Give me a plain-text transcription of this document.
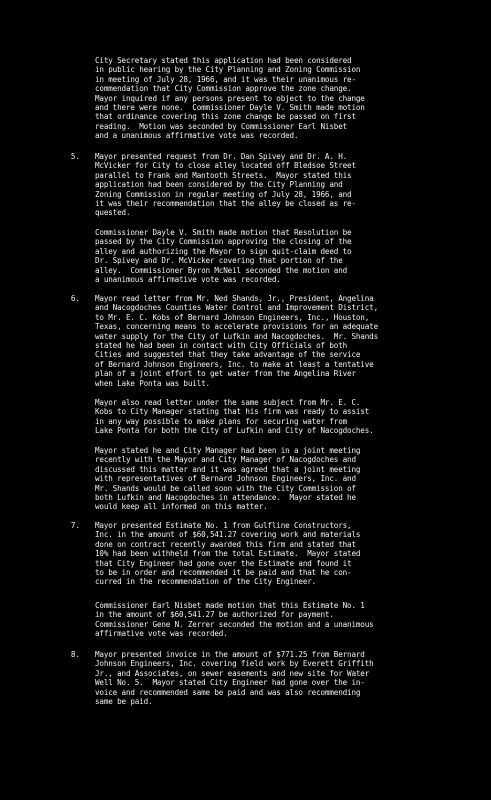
City Secretary stated this application had been considered
in public hearing by the City Planning and Zoning Commission
in meeting of July 28, 1966, and it was their unanimous re-
commendation that City Commission approve the zone change.
Mayor inquired if any persons present to object to the change
and there were none.  Commissioner Dayle V. Smith made motion
that ordinance covering this zone change be passed on first
reading.  Motion was seconded by Commissioner Earl Nisbet
and a unanimous affirmative vote was recorded.
5. Mayor presented request from Dr. Dan Spivey and Dr. A. H.
McVicker for City to close alley located off Bledsoe Street
parallel to Frank and Mantooth Streets.  Mayor stated this
application had been considered by the City Planning and
Zoning Commission in regular meeting of July 28, 1966, and
it was their recommendation that the alley be closed as re-
quested.
Commissioner Dayle V. Smith made motion that Resolution be
passed by the City Commission approving the closing of the
alley and authorizing the Mayor to sign quit-claim deed to
Dr. Spivey and Dr. McVicker covering that portion of the
alley.  Commissioner Byron McNeil seconded the motion and
a unanimous affirmative vote was recorded.
6. Mayor read letter from Mr. Ned Shands, Jr., President, Angelina
and Nacogdoches Counties Water Control and Improvement District,
to Mr. E. C. Kobs of Bernard Johnson Engineers, Inc., Houston,
Texas, concerning means to accelerate provisions for an adequate
water supply for the City of Lufkin and Nacogdoches.  Mr. Shands
stated he had been in contact with City Officials of both
Cities and suggested that they take advantage of the service
of Bernard Johnson Engineers, Inc. to make at least a tentative
plan of a joint effort to get water from the Angelina River
when Lake Ponta was built.
Mayor also read letter under the same subject from Mr. E. C.
Kobs to City Manager stating that his firm was ready to assist
in any way possible to make plans for securing water from
Lake Ponta for both the City of Lufkin and City of Nacogdoches.
Mayor stated he and City Manager had been in a joint meeting
recently with the Mayor and City Manager of Nacogdoches and
discussed this matter and it was agreed that a joint meeting
with representatives of Bernard Johnson Engineers, Inc. and
Mr. Shands would be called soon with the City Commission of
both Lufkin and Nacogdoches in attendance.  Mayor stated he
would keep all informed on this matter.
7. Mayor presented Estimate No. 1 from Gulfline Constructors,
Inc. in the amount of $60,541.27 covering work and materials
done on contract recently awarded this firm and stated that
10% had been withheld from the total Estimate.  Mayor stated
that City Engineer had gone over the Estimate and found it
to be in order and recommended it be paid and that he con-
curred in the recommendation of the City Engineer.
Commissioner Earl Nisbet made motion that this Estimate No. 1
in the amount of $60,541.27 be authorized for payment.
Commissioner Gene N. Zerrer seconded the motion and a unanimous
affirmative vote was recorded.
8. Mayor presented invoice in the amount of $771.25 from Bernard
Johnson Engineers, Inc. covering field work by Everett Griffith
Jr., and Associates, on sewer easements and new site for Water
Well No. 5.  Mayor stated City Engineer had gone over the in-
voice and recommended same be paid and was also recommending
same be paid.
